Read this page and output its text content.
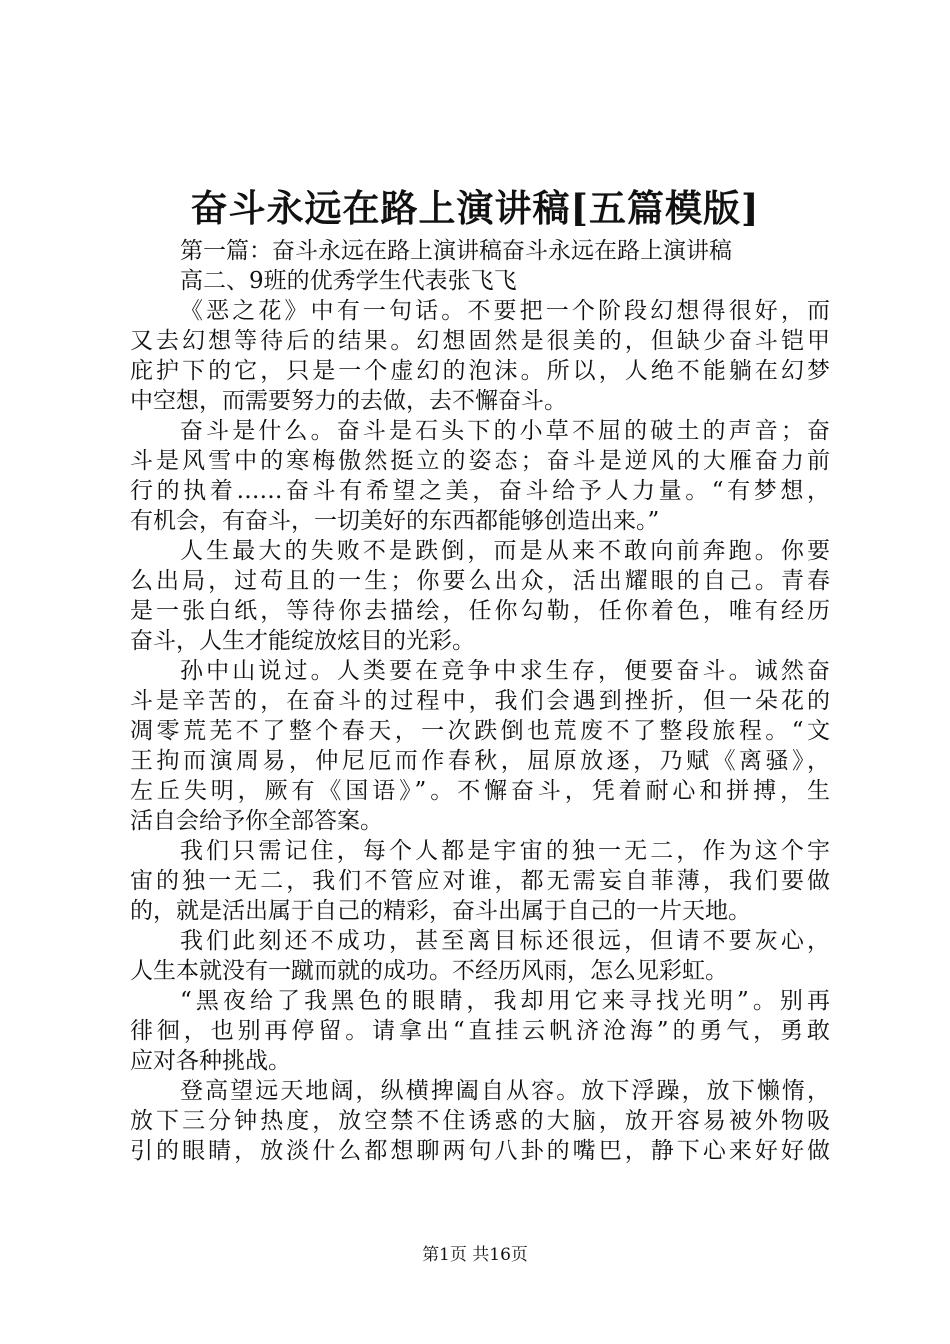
奋斗永远在路上演讲稿[五篇模版]
第一篇：奋斗永远在路上演讲稿奋斗永远在路上演讲稿
高二、9班的优秀学生代表张飞飞
《恶之花》中有一句话。不要把一个阶段幻想得很好，而
又去幻想等待后的结果。幻想固然是很美的，但缺少奋斗铠甲
庇护下的它，只是一个虚幻的泡沫。所以，人绝不能躺在幻梦
中空想，而需要努力的去做，去不懈奋斗。
奋斗是什么。奋斗是石头下的小草不屈的破土的声音；奋
斗是风雪中的寒梅傲然挺立的姿态；奋斗是逆风的大雁奋力前
行的执着……奋斗有希望之美，奋斗给予人力量。“有梦想，
有机会，有奋斗，一切美好的东西都能够创造出来。”
人生最大的失败不是跌倒，而是从来不敢向前奔跑。你要
么出局，过苟且的一生；你要么出众，活出耀眼的自己。青春
是一张白纸，等待你去描绘，任你勾勒，任你着色，唯有经历
奋斗，人生才能绽放炫目的光彩。
孙中山说过。人类要在竞争中求生存，便要奋斗。诚然奋
斗是辛苦的，在奋斗的过程中，我们会遇到挫折，但一朵花的
凋零荒芜不了整个春天，一次跌倒也荒废不了整段旅程。“文
王拘而演周易，仲尼厄而作春秋，屈原放逐，乃赋《离骚》，
左丘失明，厥有《国语》”。不懈奋斗，凭着耐心和拼搏，生
活自会给予你全部答案。
我们只需记住，每个人都是宇宙的独一无二，作为这个宇
宙的独一无二，我们不管应对谁，都无需妄自菲薄，我们要做
的，就是活出属于自己的精彩，奋斗出属于自己的一片天地。
我们此刻还不成功，甚至离目标还很远，但请不要灰心，
人生本就没有一蹴而就的成功。不经历风雨，怎么见彩虹。
“黑夜给了我黑色的眼睛，我却用它来寻找光明”。别再
徘徊，也别再停留。请拿出“直挂云帆济沧海”的勇气，勇敢
应对各种挑战。
登高望远天地阔，纵横捭阖自从容。放下浮躁，放下懒惰，
放下三分钟热度，放空禁不住诱惑的大脑，放开容易被外物吸
引的眼睛，放淡什么都想聊两句八卦的嘴巴，静下心来好好做
第1页 共16页
